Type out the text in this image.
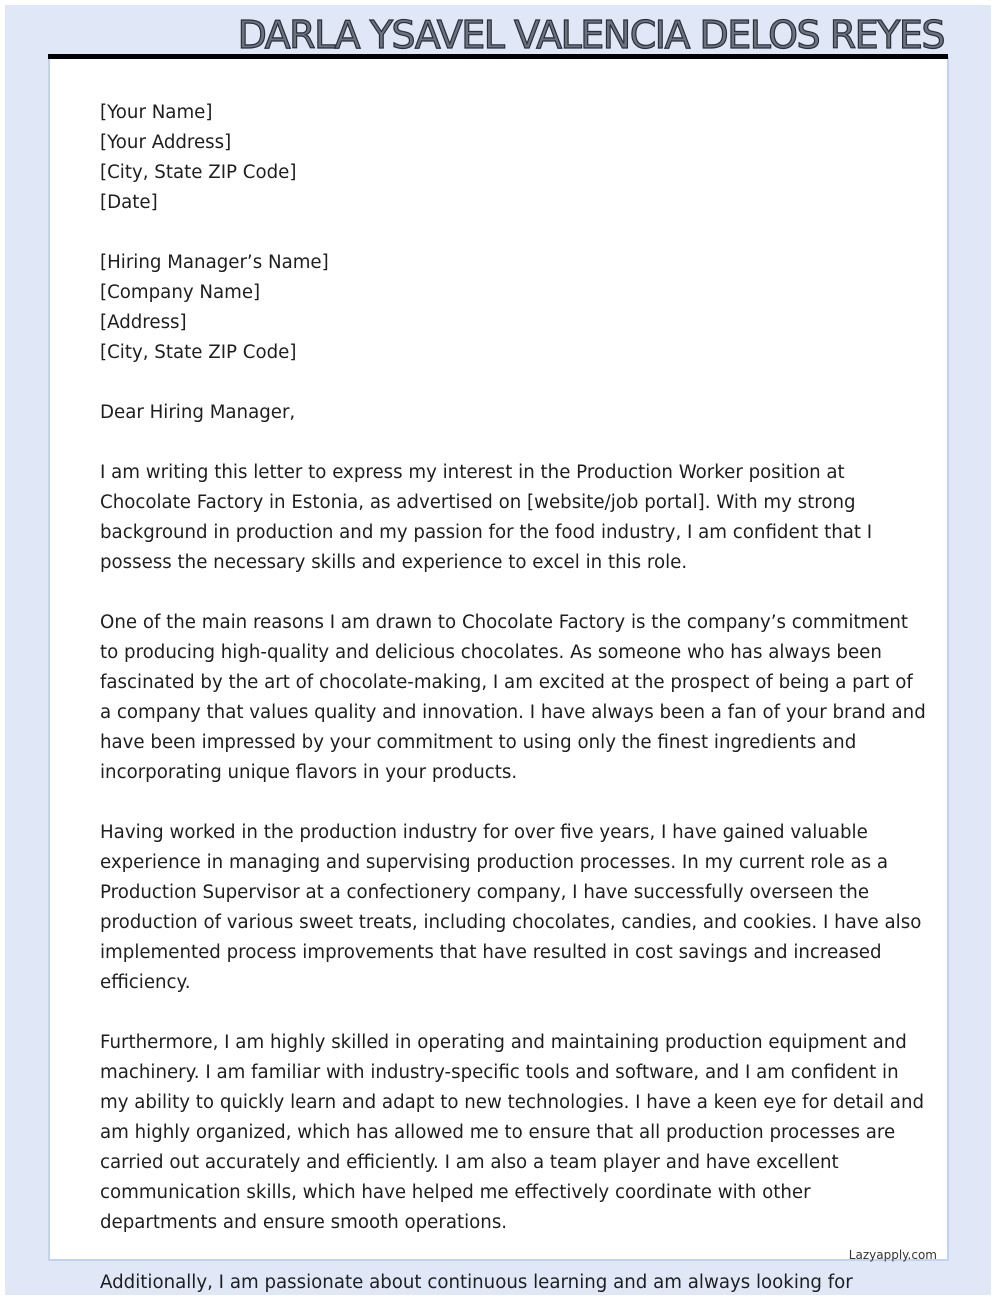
DARLA YSAVEL VALENCIA DELOS REYES
[Your Name]
[Your Address]
[City, State ZIP Code]
[Date]
[Hiring Manager’s Name]
[Company Name]
[Address]
[City, State ZIP Code]
Dear Hiring Manager,

I am writing this letter to express my interest in the Production Worker position at
Chocolate Factory in Estonia, as advertised on [website/job portal]. With my strong
background in production and my passion for the food industry, I am confident that I
possess the necessary skills and experience to excel in this role.

One of the main reasons I am drawn to Chocolate Factory is the company’s commitment
to producing high-quality and delicious chocolates. As someone who has always been
fascinated by the art of chocolate-making, I am excited at the prospect of being a part of
a company that values quality and innovation. I have always been a fan of your brand and
have been impressed by your commitment to using only the finest ingredients and
incorporating unique flavors in your products.

Having worked in the production industry for over five years, I have gained valuable
experience in managing and supervising production processes. In my current role as a
Production Supervisor at a confectionery company, I have successfully overseen the
production of various sweet treats, including chocolates, candies, and cookies. I have also
implemented process improvements that have resulted in cost savings and increased
efficiency.

Furthermore, I am highly skilled in operating and maintaining production equipment and
machinery. I am familiar with industry-specific tools and software, and I am confident in
my ability to quickly learn and adapt to new technologies. I have a keen eye for detail and
am highly organized, which has allowed me to ensure that all production processes are
carried out accurately and efficiently. I am also a team player and have excellent
communication skills, which have helped me effectively coordinate with other
departments and ensure smooth operations.

Lazyapply.com
Additionally, I am passionate about continuous learning and am always looking for
